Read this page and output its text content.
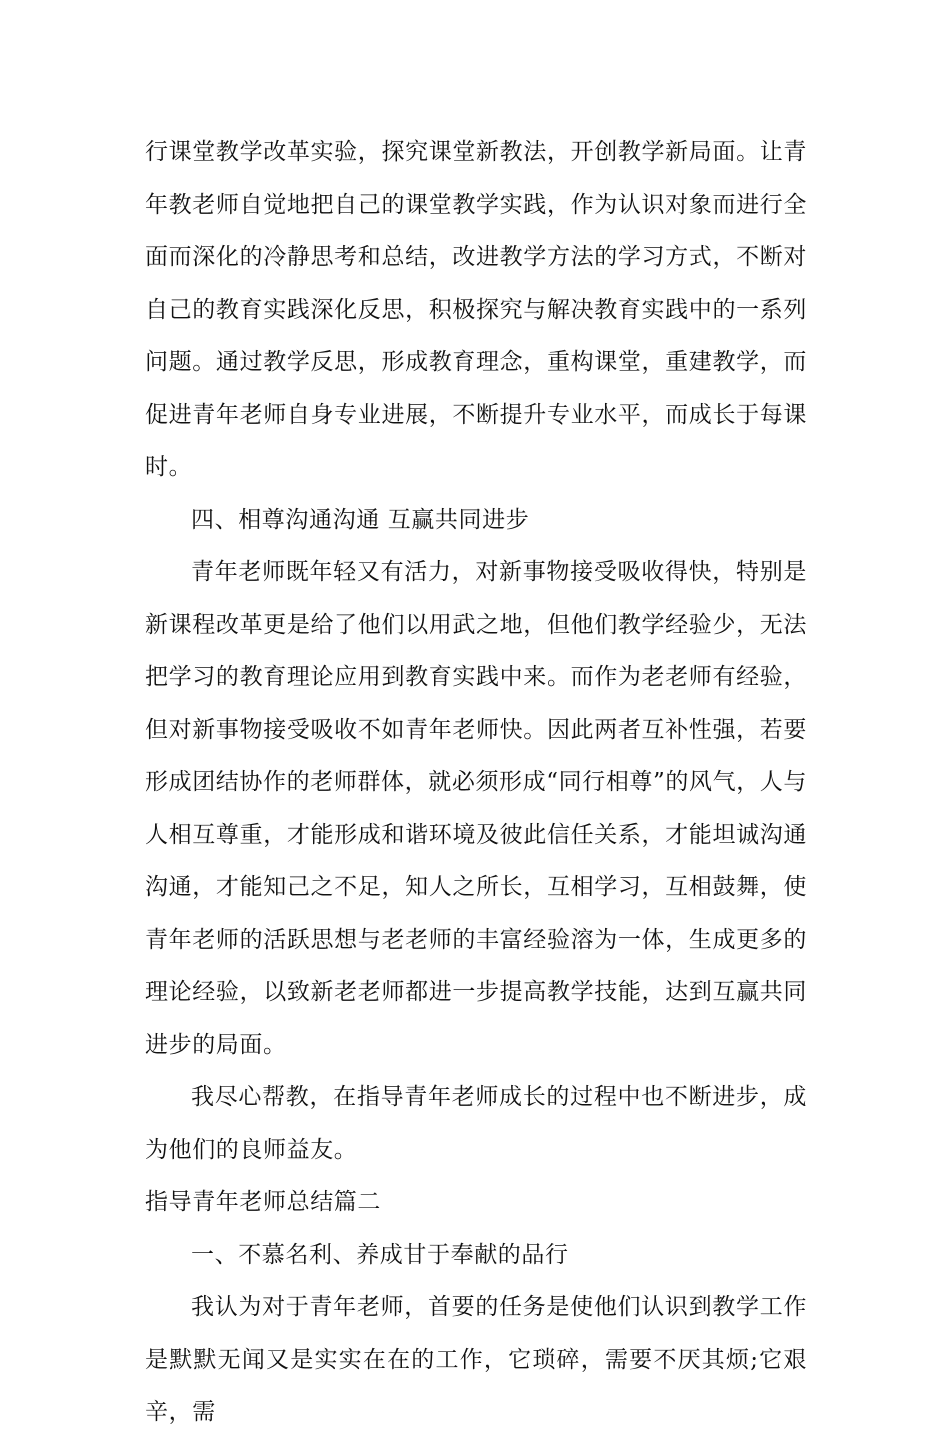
行课堂教学改革实验，探究课堂新教法，开创教学新局面。让青年教老师自觉地把自己的课堂教学实践，作为认识对象而进行全面而深化的冷静思考和总结，改进教学方法的学习方式，不断对自己的教育实践深化反思，积极探究与解决教育实践中的一系列问题。通过教学反思，形成教育理念，重构课堂，重建教学，而促进青年老师自身专业进展，不断提升专业水平，而成长于每课时。

四、相尊沟通沟通 互赢共同进步

青年老师既年轻又有活力，对新事物接受吸收得快，特别是新课程改革更是给了他们以用武之地，但他们教学经验少，无法把学习的教育理论应用到教育实践中来。而作为老老师有经验，但对新事物接受吸收不如青年老师快。因此两者互补性强，若要形成团结协作的老师群体，就必须形成“同行相尊”的风气，人与人相互尊重，才能形成和谐环境及彼此信任关系，才能坦诚沟通沟通，才能知己之不足，知人之所长，互相学习，互相鼓舞，使青年老师的活跃思想与老老师的丰富经验溶为一体，生成更多的理论经验，以致新老老师都进一步提高教学技能，达到互赢共同进步的局面。

我尽心帮教，在指导青年老师成长的过程中也不断进步，成为他们的良师益友。

指导青年老师总结篇二

一、不慕名利、养成甘于奉献的品行

我认为对于青年老师，首要的任务是使他们认识到教学工作是默默无闻又是实实在在的工作，它琐碎，需要不厌其烦;它艰辛，需
